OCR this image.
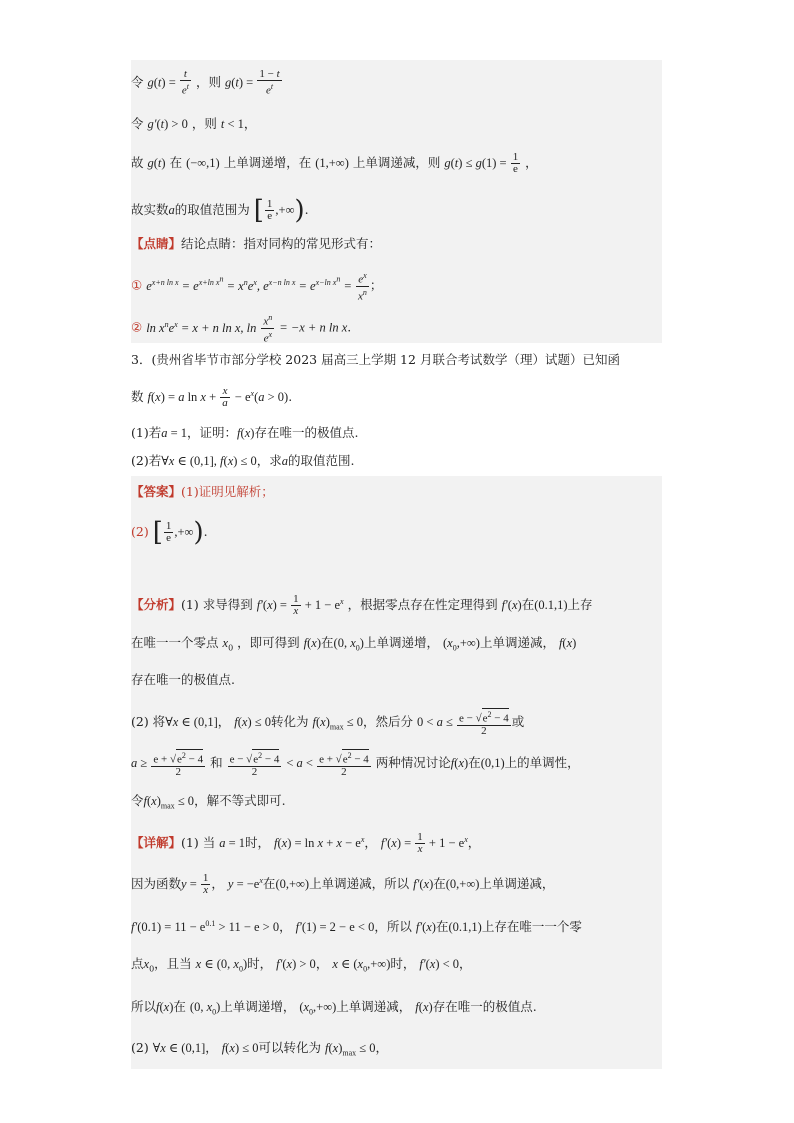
令 $g(t) = \frac{t}{e^t}$ ，则 $g(t) = \frac{1 - t}{e^t}$
令 g′(t) > 0 ，则 t < 1，
故 g(t) 在 (−∞,1) 上单调递增，在 (1,+∞) 上单调递减，则 $g(t) \le g(1) = \frac{1}{e}$ ，
故实数a的取值范围为 [ $\frac{1}{e}$ ,+∞).
【点睛】结论点睛：指对同构的常见形式有：
① $e^{x+n ln x} = e^{x+ln x^n} = x^ne^x$, $e^{x-n ln x} = e^{x-ln x^n} = \frac{e^x}{x^n}$ ；
② $\ln x^ne^x = x + n$ ln x, $\ln \frac{x^n}{e^x} = -x + n$ ln x.
3．(贵州省毕节市部分学校 2023 届高三上学期 12 月联合考试数学（理）试题）已知函
数 f(x) = a $\ln x + \frac{x}{a} - e^x(a > 0)$.
(1)若a = 1，证明：f(x)存在唯一的极值点.
(2)若∀x ∈ (0,1], f(x) ≤ 0，求a的取值范围.
【答案】(1)证明见解析；
(2) [ $\frac{1}{e}$ ,+∞).
【分析】(1) 求导得到 $f'(x) = \frac{1}{x} + 1 - e^x$ ，根据零点存在性定理得到 f′(x)在(0.1,1)上存
在唯一一个零点 $x_0$ ，即可得到 f(x)在(0, $x_0$)上单调递增， $(x_0,+\infty)$上单调递减， f(x)
存在唯一的极值点.
(2) 将∀x ∈ (0,1]， f(x) ≤ 0转化为 $f(x)_{max} \le 0$，然后分 $0 < a \le \frac{e - √e^2 - 4}{2}$ 或
$a \ge \frac{e + √e^2 - 4}{2}$ 和 $\frac{e - √e^2 - 4}{2} < a < \frac{e + √e^2 - 4}{2}$ 两种情况讨论f(x)在(0,1)上的单调性，
令$f(x)_{max} \le 0$，解不等式即可.
【详解】(1) 当 a = 1时， $f(x) = \ln x + x - e^x$， $f'(x) = \frac{1}{x} + 1 - e^x$，
因为函数$y = \frac{1}{x}$ ， $y = -e^x$在(0,+∞)上单调递减，所以 f′(x)在(0,+∞)上单调递减，
$f'(0.1) = 11 - e^{0.1} > 11 - e > 0$， f′(1) = 2 − e < 0，所以 f′(x)在(0.1,1)上存在唯一一个零
点$x_0$，且当 x ∈ (0, $x_0$)时， f′(x) > 0， x ∈ $(x_0,+\infty)$时， f′(x) < 0，
所以f(x)在 (0, $x_0$)上单调递增， $(x_0,+\infty)$上单调递减， f(x)存在唯一的极值点.
(2) ∀x ∈ (0,1]， f(x) ≤ 0可以转化为 $f(x)_{max} \le 0$，
